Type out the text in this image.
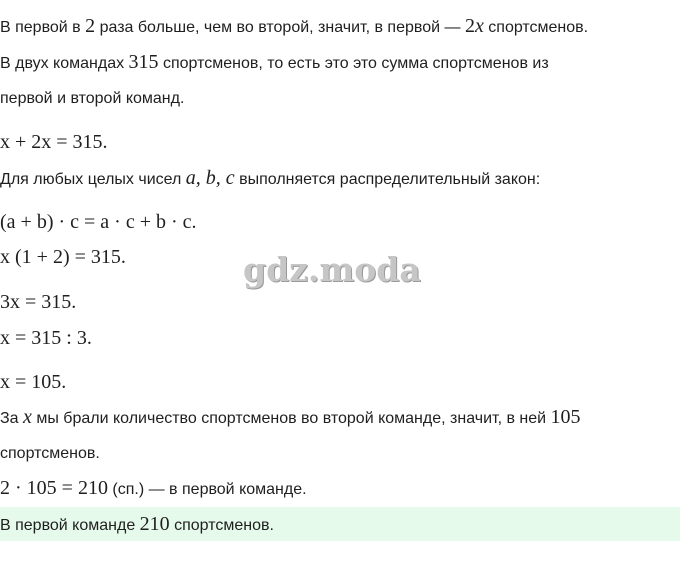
В первой в 2 раза больше, чем во второй, значит, в первой — 2x спортсменов.
В двух командах 315 спортсменов, то есть это это сумма спортсменов из
первой и второй команд.
x + 2x = 315.
Для любых целых чисел a, b, c выполняется распределительный закон:
(a + b) · c = a · c + b · c.
x (1 + 2) = 315.
3x = 315.
x = 315 : 3.
x = 105.
За x мы брали количество спортсменов во второй команде, значит, в ней 105
спортсменов.
2 · 105 = 210 (сп.) — в первой команде.
В первой команде 210 спортсменов.
gdz.moda
